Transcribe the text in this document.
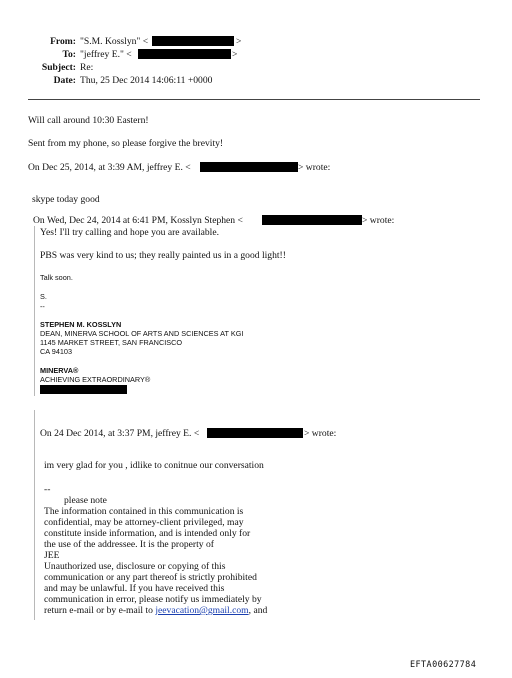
From: "S.M. Kosslyn" <	>
To: "jeffrey E." <	>
Subject: Re:
Date: Thu, 25 Dec 2014 14:06:11 +0000
Will call around 10:30 Eastern!
Sent from my phone, so please forgive the brevity!
On Dec 25, 2014, at 3:39 AM, jeffrey E. <	> wrote:
skype today good
On Wed, Dec 24, 2014 at 6:41 PM, Kosslyn Stephen <	> wrote:
Yes! I'll try calling and hope you are available.
PBS was very kind to us; they really painted us in a good light!!
Talk soon.
S.
--
STEPHEN M. KOSSLYN
DEAN, MINERVA SCHOOL OF ARTS AND SCIENCES AT KGI
1145 MARKET STREET, SAN FRANCISCO
CA 94103
MINERVA®
ACHIEVING EXTRAORDINARY®
On 24 Dec 2014, at 3:37 PM, jeffrey E. <	> wrote:
im very glad for you , idlike to conitnue our conversation
--
please note
The information contained in this communication is
confidential, may be attorney-client privileged, may
constitute inside information, and is intended only for
the use of the addressee. It is the property of
JEE
Unauthorized use, disclosure or copying of this
communication or any part thereof is strictly prohibited
and may be unlawful. If you have received this
communication in error, please notify us immediately by
return e-mail or by e-mail to jeevacation@gmail.com, and
EFTA00627784
